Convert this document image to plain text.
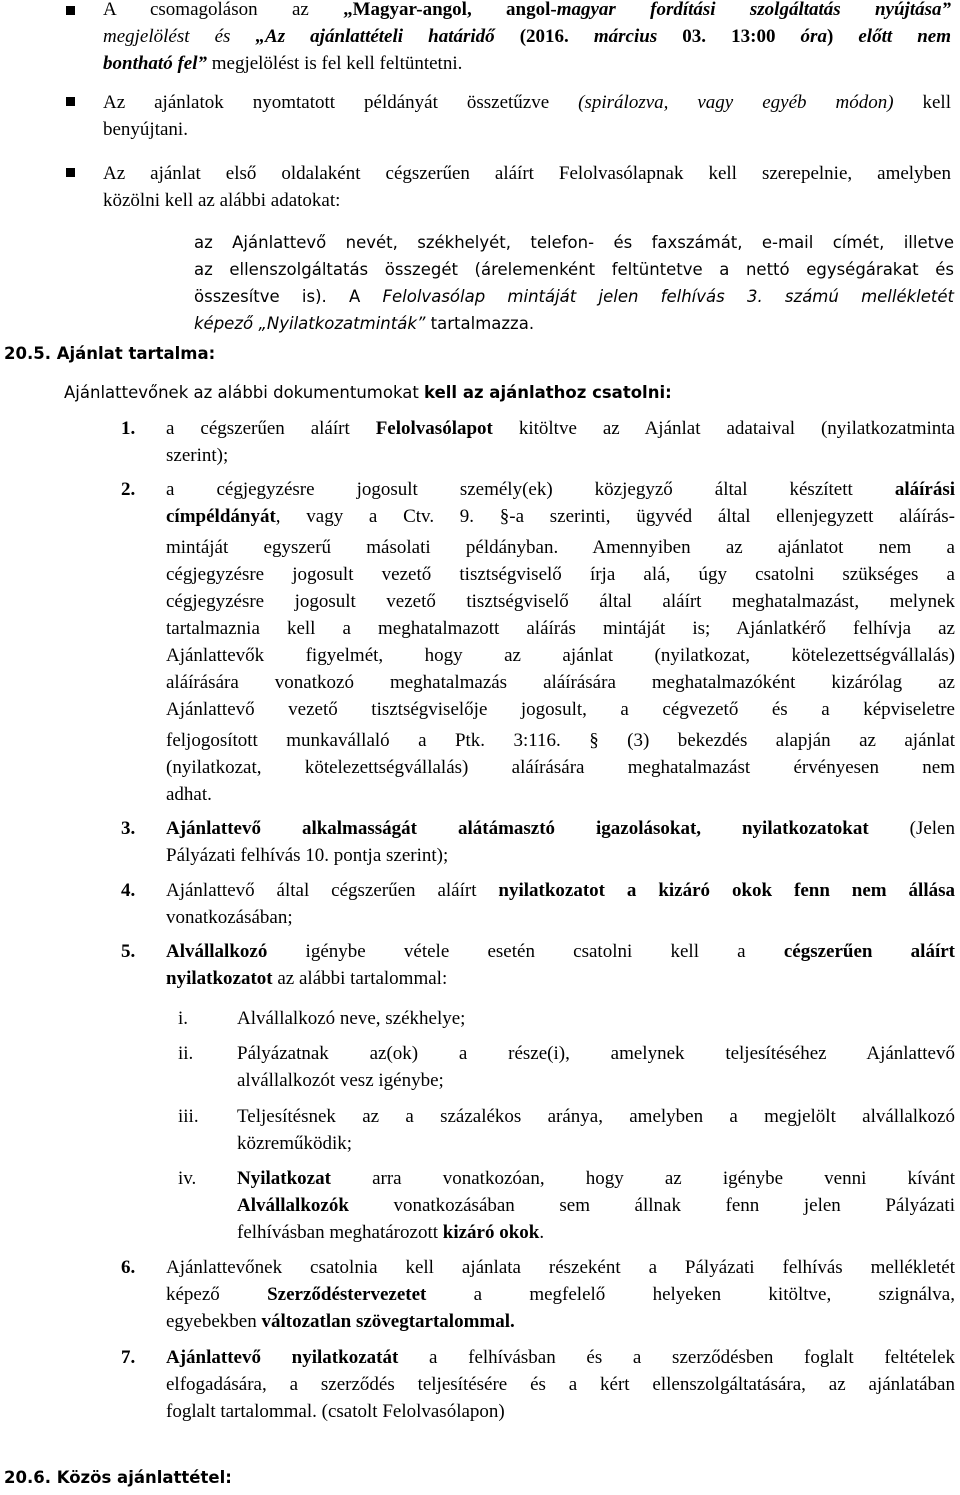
A csomagoláson az „Magyar-angol, angol-magyar fordítási szolgáltatás nyújtása”
megjelölést és „Az ajánlattételi határidő (2016. március 03. 13:00 óra) előtt nem
bontható fel” megjelölést is fel kell feltüntetni.
Az ajánlatok nyomtatott példányát összetűzve (spirálozva, vagy egyéb módon) kell
benyújtani.
Az ajánlat első oldalaként cégszerűen aláírt Felolvasólapnak kell szerepelnie, amelyben
közölni kell az alábbi adatokat:
az Ajánlattevő nevét, székhelyét, telefon- és faxszámát, e-mail címét, illetve
az ellenszolgáltatás összegét (árelemenként feltüntetve a nettó egységárakat és
összesítve is). A Felolvasólap mintáját jelen felhívás 3. számú mellékletét
képező „Nyilatkozatminták” tartalmazza.
20.5. Ajánlat tartalma:
Ajánlattevőnek az alábbi dokumentumokat kell az ajánlathoz csatolni:
1. a cégszerűen aláírt Felolvasólapot kitöltve az Ajánlat adataival (nyilatkozatminta
szerint);
2. a cégjegyzésre jogosult személy(ek) közjegyző által készített aláírási
címpéldányát, vagy a Ctv. 9. §-a szerinti, ügyvéd által ellenjegyzett aláírás-
mintáját egyszerű másolati példányban. Amennyiben az ajánlatot nem a
cégjegyzésre jogosult vezető tisztségviselő írja alá, úgy csatolni szükséges a
cégjegyzésre jogosult vezető tisztségviselő által aláírt meghatalmazást, melynek
tartalmaznia kell a meghatalmazott aláírás mintáját is; Ajánlatkérő felhívja az
Ajánlattevők figyelmét, hogy az ajánlat (nyilatkozat, kötelezettségvállalás)
aláírására vonatkozó meghatalmazás aláírására meghatalmazóként kizárólag az
Ajánlattevő vezető tisztségviselője jogosult, a cégvezető és a képviseletre
feljogosított munkavállaló a Ptk. 3:116. § (3) bekezdés alapján az ajánlat
(nyilatkozat, kötelezettségvállalás) aláírására meghatalmazást érvényesen nem
adhat.
3. Ajánlattevő alkalmasságát alátámasztó igazolásokat, nyilatkozatokat (Jelen
Pályázati felhívás 10. pontja szerint);
4. Ajánlattevő által cégszerűen aláírt nyilatkozatot a kizáró okok fenn nem állása
vonatkozásában;
5. Alvállalkozó igénybe vétele esetén csatolni kell a cégszerűen aláírt
nyilatkozatot az alábbi tartalommal:
i.	Alvállalkozó neve, székhelye;
ii. Pályázatnak az(ok) a része(i), amelynek teljesítéséhez Ajánlattevő
alvállalkozót vesz igénybe;
iii. Teljesítésnek az a százalékos aránya, amelyben a megjelölt alvállalkozó
közreműködik;
iv. Nyilatkozat arra vonatkozóan, hogy az igénybe venni kívánt
Alvállalkozók vonatkozásában sem állnak fenn jelen Pályázati
felhívásban meghatározott kizáró okok.
6. Ajánlattevőnek csatolnia kell ajánlata részeként a Pályázati felhívás mellékletét
képező Szerződéstervezetet a megfelelő helyeken kitöltve, szignálva,
egyebekben változatlan szövegtartalommal.
7. Ajánlattevő nyilatkozatát a felhívásban és a szerződésben foglalt feltételek
elfogadására, a szerződés teljesítésére és a kért ellenszolgáltatására, az ajánlatában
foglalt tartalommal. (csatolt Felolvasólapon)
20.6. Közös ajánlattétel:
